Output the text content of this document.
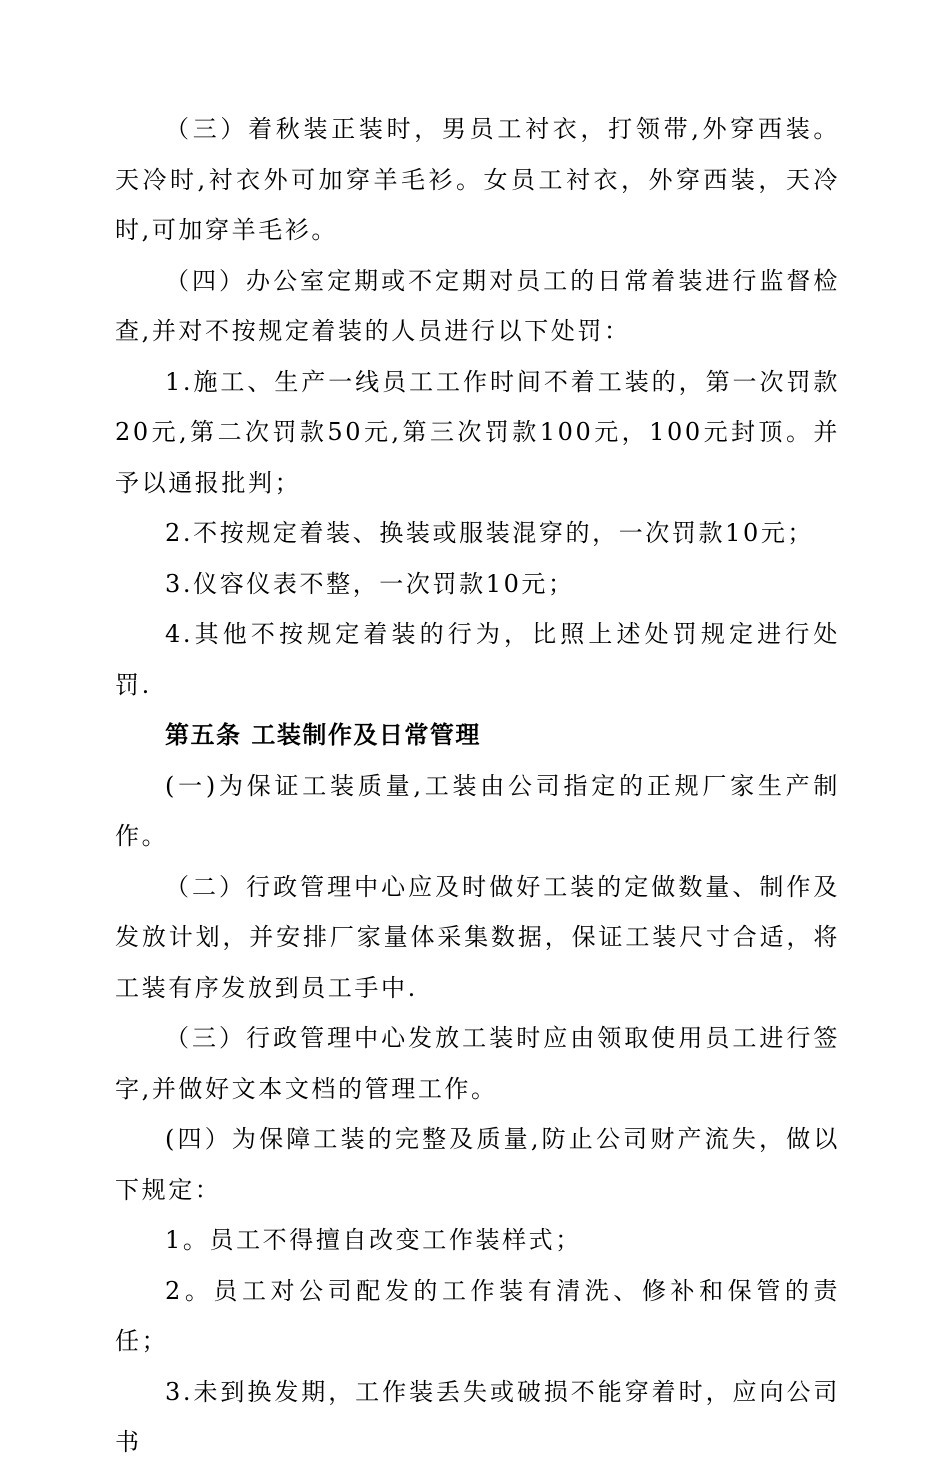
（三）着秋装正装时，男员工衬衣，打领带,外穿西装。天冷时,衬衣外可加穿羊毛衫。女员工衬衣，外穿西装，天冷时,可加穿羊毛衫。

（四）办公室定期或不定期对员工的日常着装进行监督检查,并对不按规定着装的人员进行以下处罚：

1.施工、生产一线员工工作时间不着工装的，第一次罚款20元,第二次罚款50元,第三次罚款100元，100元封顶。并予以通报批判；

2.不按规定着装、换装或服装混穿的，一次罚款10元；

3.仪容仪表不整，一次罚款10元；

4.其他不按规定着装的行为，比照上述处罚规定进行处罚.

第五条 工装制作及日常管理

(一)为保证工装质量,工装由公司指定的正规厂家生产制作。

（二）行政管理中心应及时做好工装的定做数量、制作及发放计划，并安排厂家量体采集数据，保证工装尺寸合适，将工装有序发放到员工手中.

（三）行政管理中心发放工装时应由领取使用员工进行签字,并做好文本文档的管理工作。

(四）为保障工装的完整及质量,防止公司财产流失，做以下规定：

1。员工不得擅自改变工作装样式；

2。员工对公司配发的工作装有清洗、修补和保管的责任；

3.未到换发期，工作装丢失或破损不能穿着时，应向公司书
